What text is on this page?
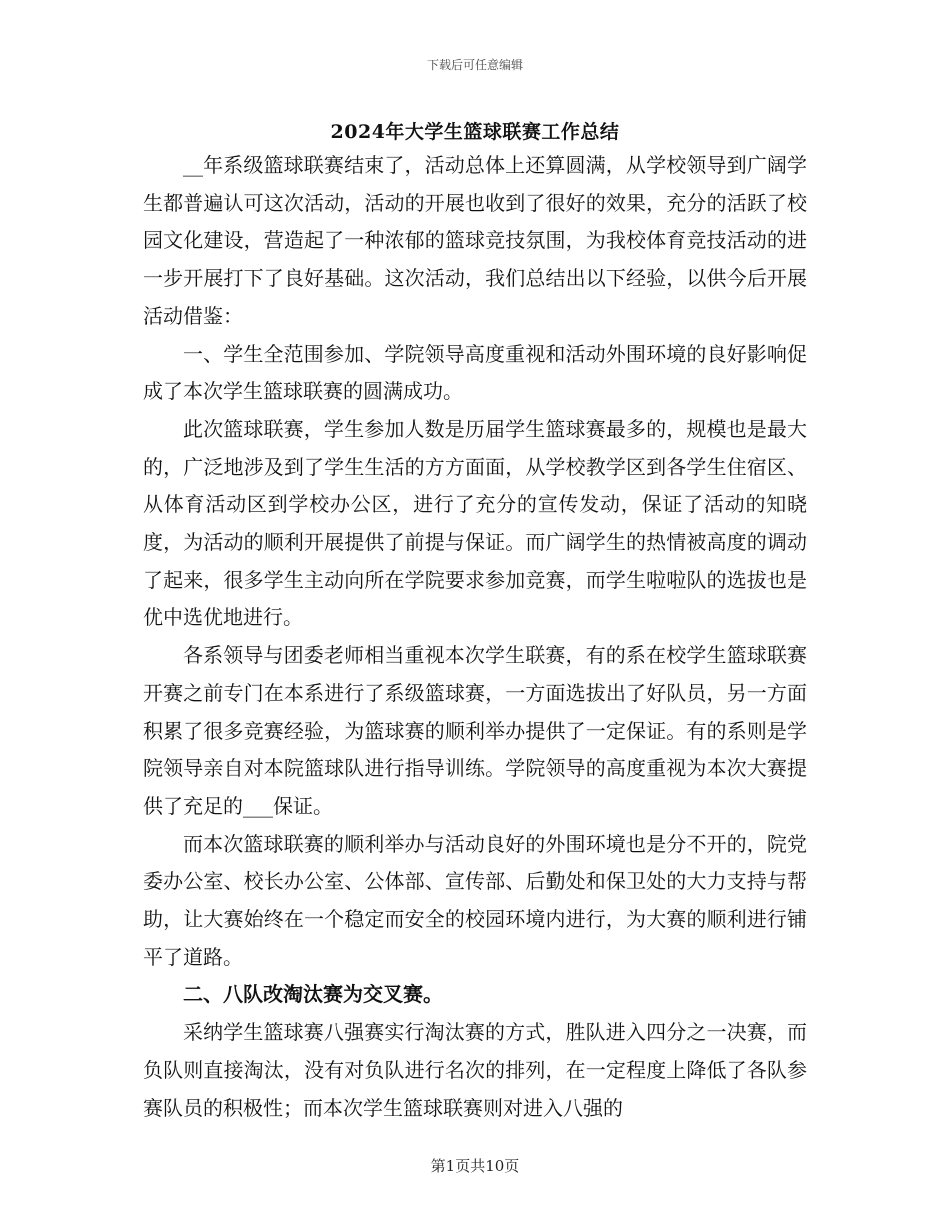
下载后可任意编辑
2024年大学生篮球联赛工作总结

__年系级篮球联赛结束了，活动总体上还算圆满，从学校领导到广阔学生都普遍认可这次活动，活动的开展也收到了很好的效果，充分的活跃了校园文化建设，营造起了一种浓郁的篮球竞技氛围，为我校体育竞技活动的进一步开展打下了良好基础。这次活动，我们总结出以下经验，以供今后开展活动借鉴：

一、学生全范围参加、学院领导高度重视和活动外围环境的良好影响促成了本次学生篮球联赛的圆满成功。

此次篮球联赛，学生参加人数是历届学生篮球赛最多的，规模也是最大的，广泛地涉及到了学生生活的方方面面，从学校教学区到各学生住宿区、从体育活动区到学校办公区，进行了充分的宣传发动，保证了活动的知晓度，为活动的顺利开展提供了前提与保证。而广阔学生的热情被高度的调动了起来，很多学生主动向所在学院要求参加竞赛，而学生啦啦队的选拔也是优中选优地进行。

各系领导与团委老师相当重视本次学生联赛，有的系在校学生篮球联赛开赛之前专门在本系进行了系级篮球赛，一方面选拔出了好队员，另一方面积累了很多竞赛经验，为篮球赛的顺利举办提供了一定保证。有的系则是学院领导亲自对本院篮球队进行指导训练。学院领导的高度重视为本次大赛提供了充足的___保证。

而本次篮球联赛的顺利举办与活动良好的外围环境也是分不开的，院党委办公室、校长办公室、公体部、宣传部、后勤处和保卫处的大力支持与帮助，让大赛始终在一个稳定而安全的校园环境内进行，为大赛的顺利进行铺平了道路。

二、八队改淘汰赛为交叉赛。

采纳学生篮球赛八强赛实行淘汰赛的方式，胜队进入四分之一决赛，而负队则直接淘汰，没有对负队进行名次的排列，在一定程度上降低了各队参赛队员的积极性；而本次学生篮球联赛则对进入八强的

第1页共10页
